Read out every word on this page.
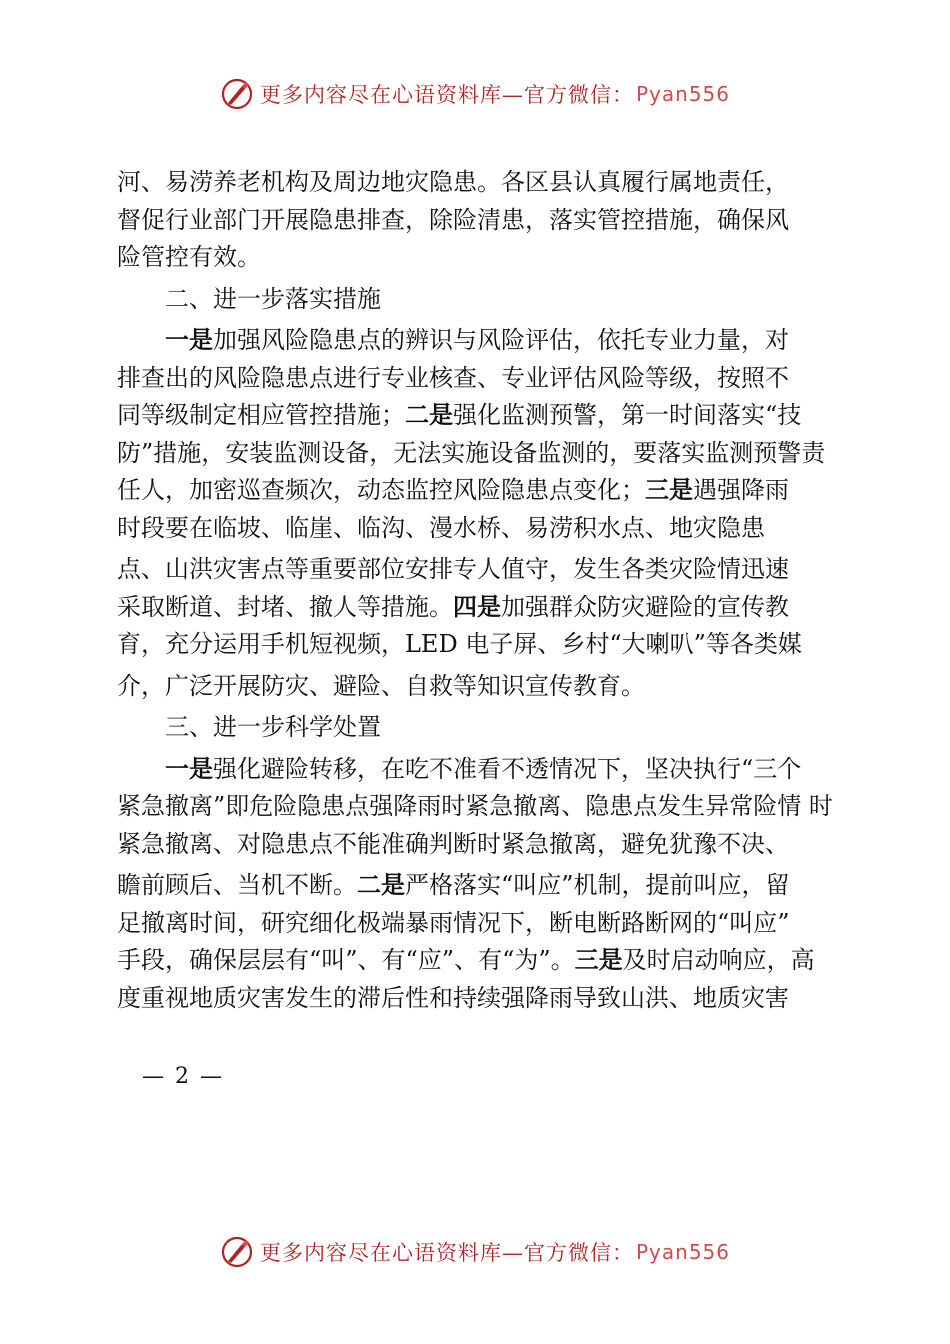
更多内容尽在心语资料库—官方微信： Pyan556
河、易涝养老机构及周边地灾隐患。各区县认真履行属地责任，
督促行业部门开展隐患排查，除险清患，落实管控措施，确保风
险管控有效。
二、进一步落实措施
一是加强风险隐患点的辨识与风险评估，依托专业力量，对
排查出的风险隐患点进行专业核查、专业评估风险等级，按照不
同等级制定相应管控措施；二是强化监测预警，第一时间落实“技
防”措施，安装监测设备，无法实施设备监测的，要落实监测预警责
任人，加密巡查频次，动态监控风险隐患点变化；三是遇强降雨
时段要在临坡、临崖、临沟、漫水桥、易涝积水点、地灾隐患
点、山洪灾害点等重要部位安排专人值守，发生各类灾险情迅速
采取断道、封堵、撤人等措施。四是加强群众防灾避险的宣传教
育，充分运用手机短视频，LED 电子屏、乡村“大喇叭”等各类媒
介，广泛开展防灾、避险、自救等知识宣传教育。
三、进一步科学处置
一是强化避险转移，在吃不准看不透情况下，坚决执行“三个
紧急撤离”即危险隐患点强降雨时紧急撤离、隐患点发生异常险情 时
紧急撤离、对隐患点不能准确判断时紧急撤离，避免犹豫不决、
瞻前顾后、当机不断。二是严格落实“叫应”机制，提前叫应，留
足撤离时间，研究细化极端暴雨情况下，断电断路断网的“叫应”
手段，确保层层有“叫”、有“应”、有“为”。三是及时启动响应，高
度重视地质灾害发生的滞后性和持续强降雨导致山洪、地质灾害
— 2 —
更多内容尽在心语资料库—官方微信： Pyan556
